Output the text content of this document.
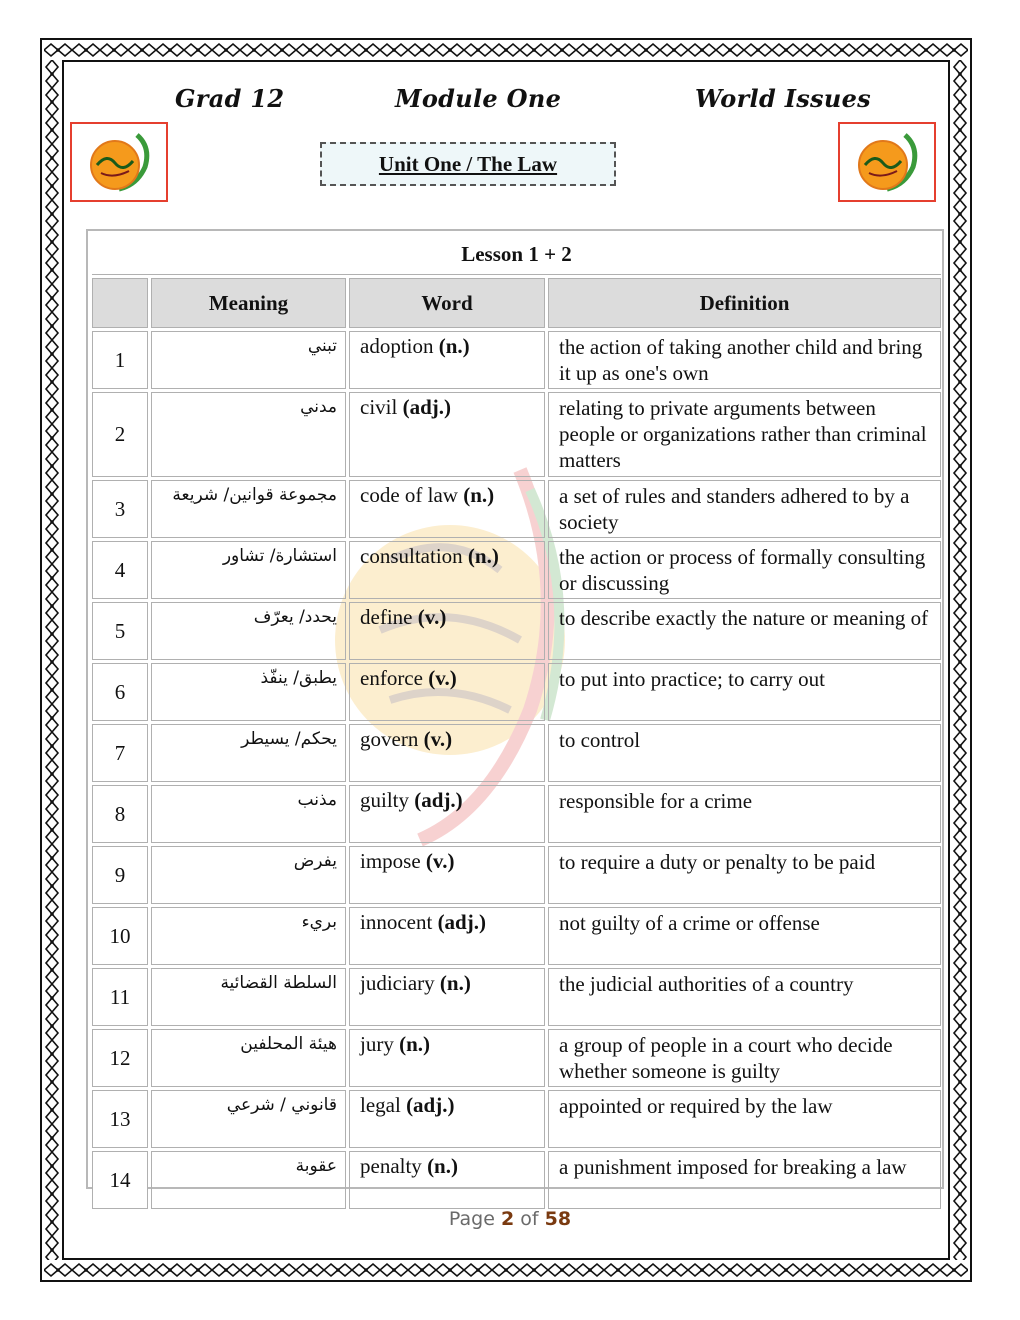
Grad 12	Module One	World Issues
Unit One / The Law
Lesson 1 + 2			
	Meaning	Word	Definition
1	تبني	adoption (n.)	the action of taking another child and bring it up as one's own
2	مدني	civil (adj.)	relating to private arguments between people or organizations rather than criminal matters
3	مجموعة قوانين/ شريعة	code of law (n.)	a set of rules and standers adhered to by a society
4	استشارة/ تشاور	consultation (n.)	the action or process of formally consulting or discussing
5	يحدد/ يعرّف	define (v.)	to describe exactly the nature or meaning of
6	يطبق/ ينفّذ	enforce (v.)	to put into practice; to carry out
7	يحكم/ يسيطر	govern (v.)	to control
8	مذنب	guilty (adj.)	responsible for a crime
9	يفرض	impose (v.)	to require a duty or penalty to be paid
10	بريء	innocent (adj.)	not guilty of a crime or offense
11	السلطة القضائية	judiciary (n.)	the judicial authorities of a country
12	هيئة المحلفين	jury (n.)	a group of people in a court who decide whether someone is guilty
13	قانوني / شرعي	legal (adj.)	appointed or required by the law
14	عقوبة	penalty (n.)	a punishment imposed for breaking a law
Page 2 of 58
